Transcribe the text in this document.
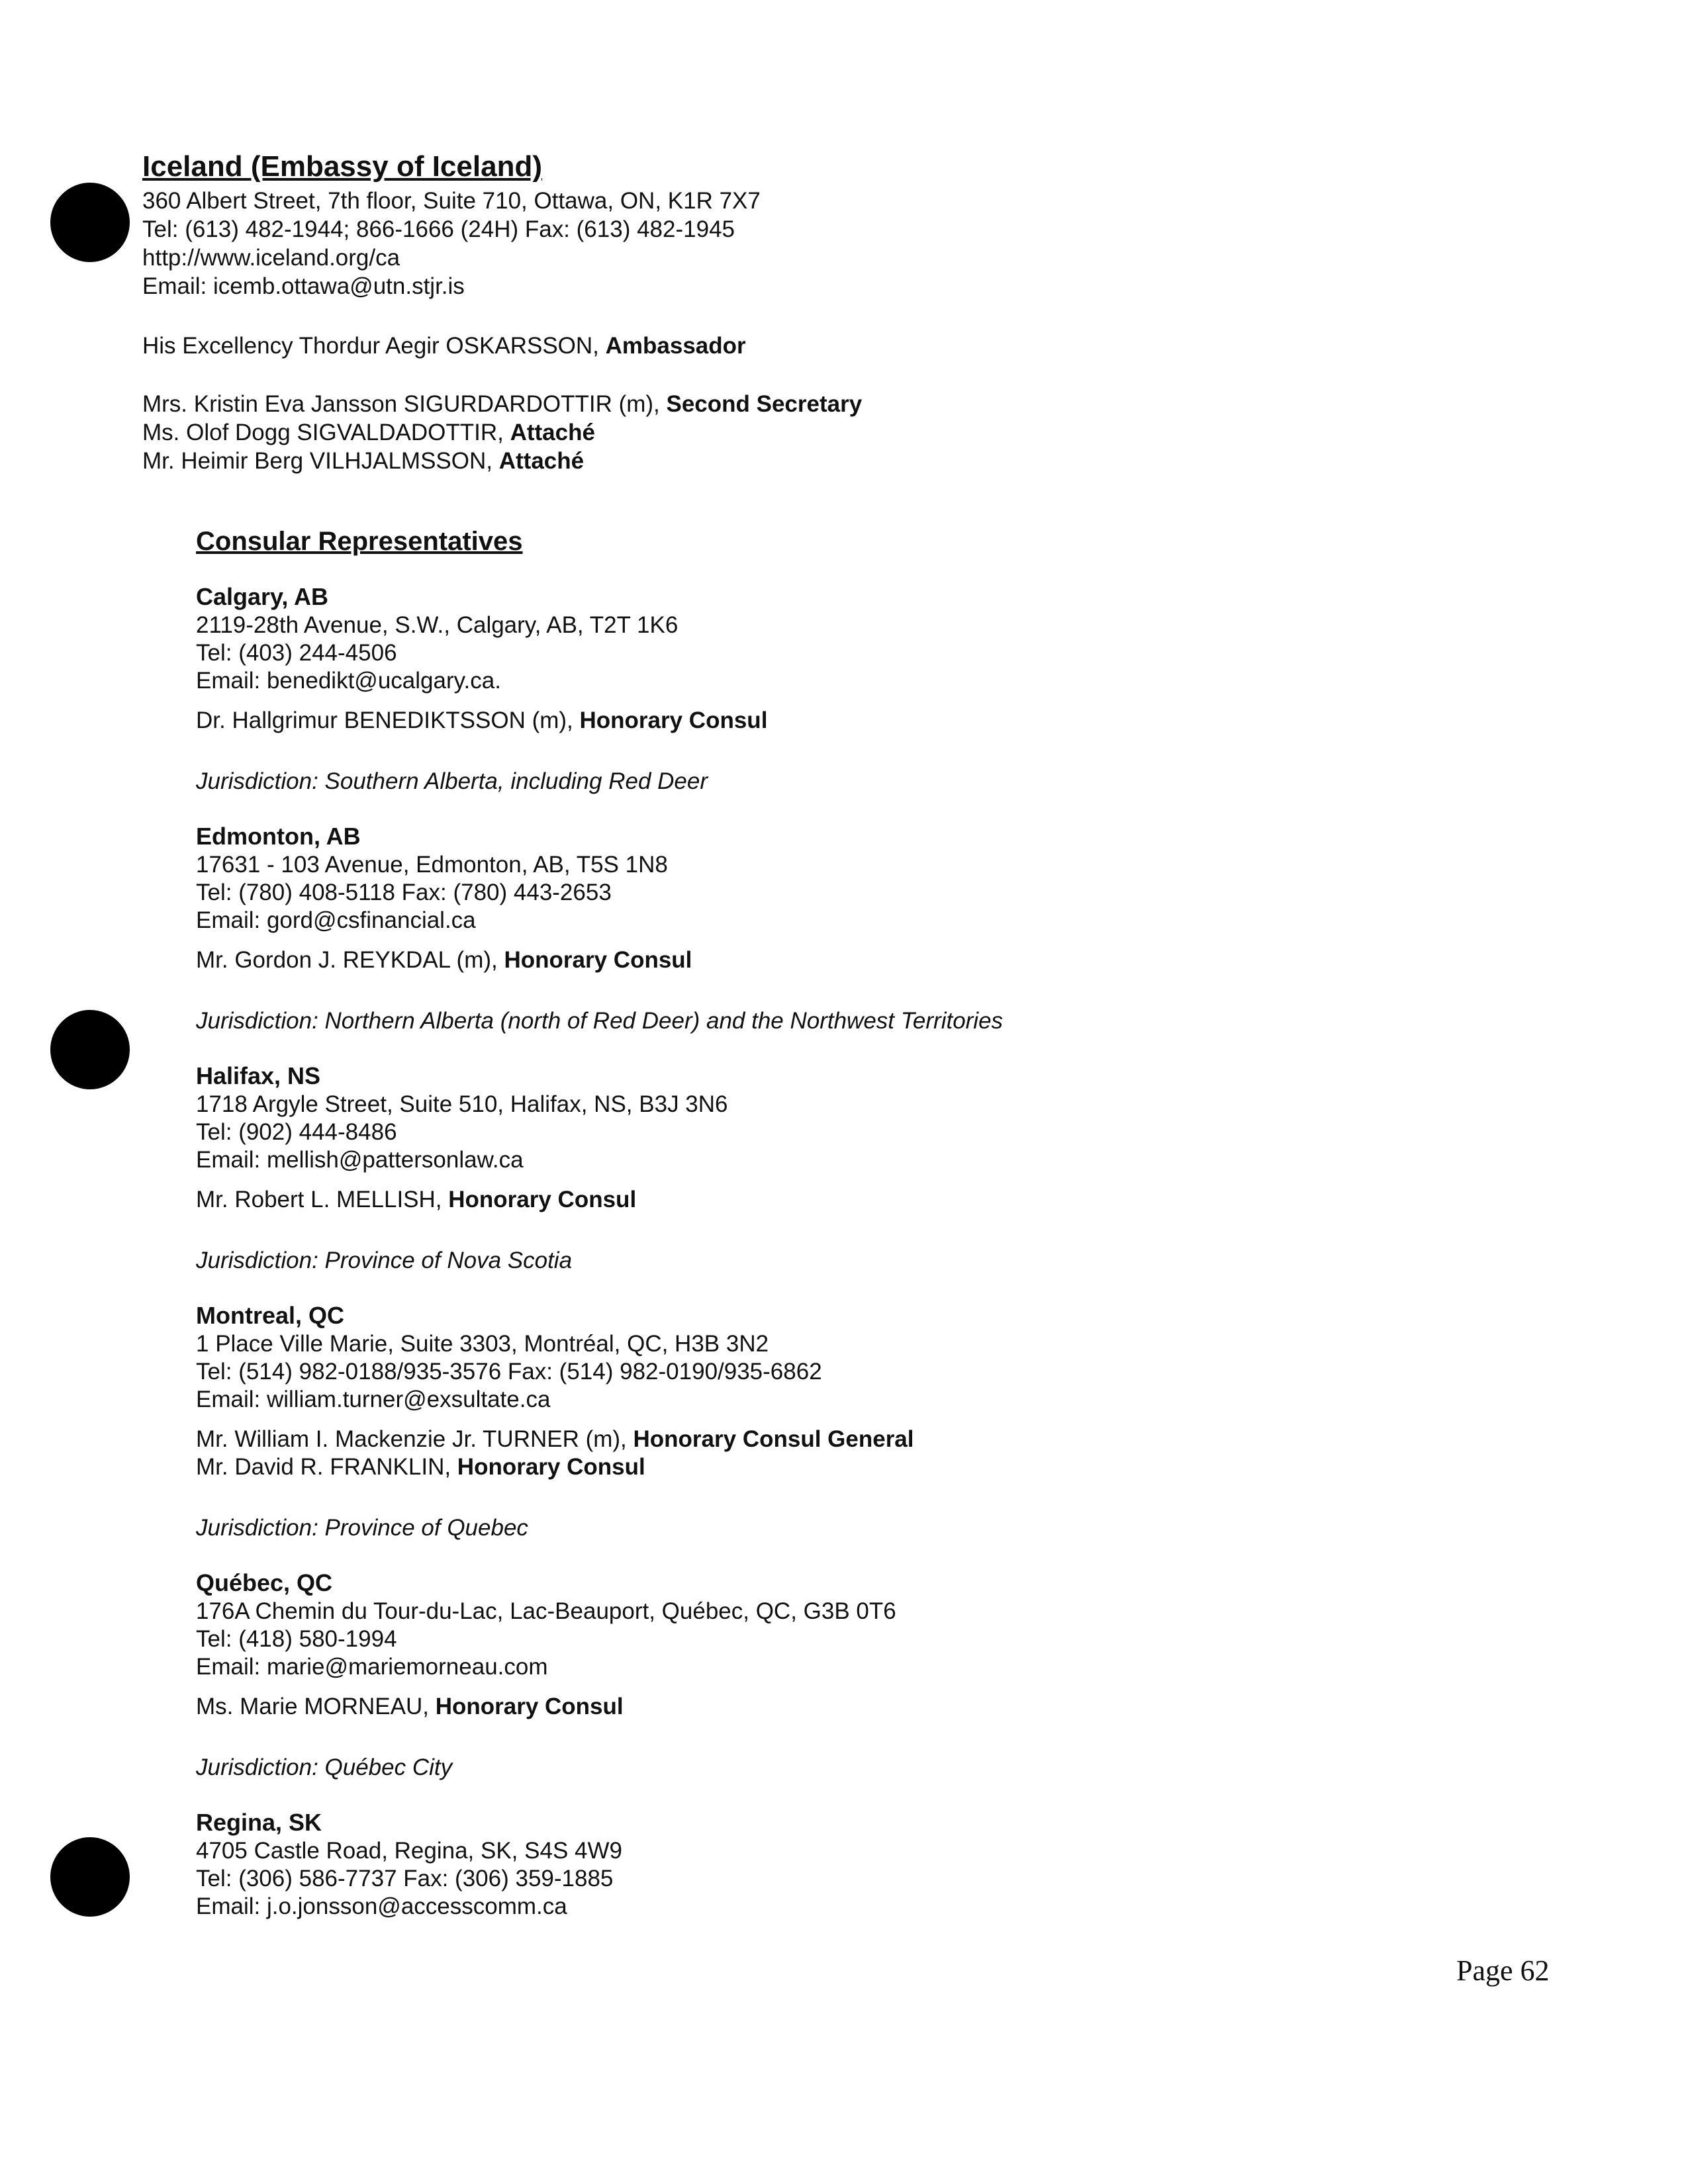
Iceland (Embassy of Iceland)
360 Albert Street, 7th floor, Suite 710, Ottawa, ON, K1R 7X7
Tel: (613) 482-1944; 866-1666 (24H) Fax: (613) 482-1945
http://www.iceland.org/ca
Email: icemb.ottawa@utn.stjr.is
His Excellency Thordur Aegir OSKARSSON, Ambassador
Mrs. Kristin Eva Jansson SIGURDARDOTTIR (m), Second Secretary
Ms. Olof Dogg SIGVALDADOTTIR, Attaché
Mr. Heimir Berg VILHJALMSSON, Attaché
Consular Representatives
Calgary, AB
2119-28th Avenue, S.W., Calgary, AB, T2T 1K6
Tel: (403) 244-4506
Email: benedikt@ucalgary.ca.
Dr. Hallgrimur BENEDIKTSSON (m), Honorary Consul
Jurisdiction: Southern Alberta, including Red Deer
Edmonton, AB
17631 - 103 Avenue, Edmonton, AB, T5S 1N8
Tel: (780) 408-5118 Fax: (780) 443-2653
Email: gord@csfinancial.ca
Mr. Gordon J. REYKDAL (m), Honorary Consul
Jurisdiction: Northern Alberta (north of Red Deer) and the Northwest Territories
Halifax, NS
1718 Argyle Street, Suite 510, Halifax, NS, B3J 3N6
Tel: (902) 444-8486
Email: mellish@pattersonlaw.ca
Mr. Robert L. MELLISH, Honorary Consul
Jurisdiction: Province of Nova Scotia
Montreal, QC
1 Place Ville Marie, Suite 3303, Montréal, QC, H3B 3N2
Tel: (514) 982-0188/935-3576 Fax: (514) 982-0190/935-6862
Email: william.turner@exsultate.ca
Mr. William I. Mackenzie Jr. TURNER (m), Honorary Consul General
Mr. David R. FRANKLIN, Honorary Consul
Jurisdiction: Province of Quebec
Québec, QC
176A Chemin du Tour-du-Lac, Lac-Beauport, Québec, QC, G3B 0T6
Tel: (418) 580-1994
Email: marie@mariemorneau.com
Ms. Marie MORNEAU, Honorary Consul
Jurisdiction: Québec City
Regina, SK
4705 Castle Road, Regina, SK, S4S 4W9
Tel: (306) 586-7737 Fax: (306) 359-1885
Email: j.o.jonsson@accesscomm.ca
Page 62
